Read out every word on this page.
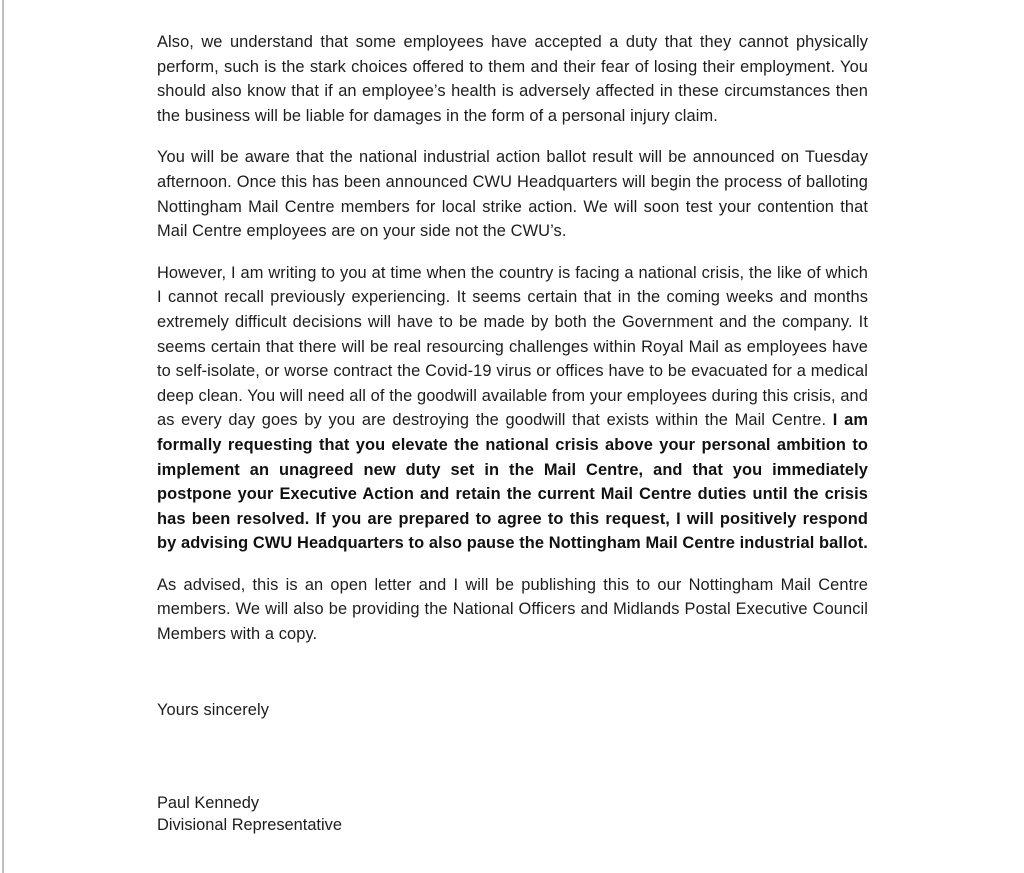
Also, we understand that some employees have accepted a duty that they cannot physically perform, such is the stark choices offered to them and their fear of losing their employment. You should also know that if an employee’s health is adversely affected in these circumstances then the business will be liable for damages in the form of a personal injury claim.

You will be aware that the national industrial action ballot result will be announced on Tuesday afternoon. Once this has been announced CWU Headquarters will begin the process of balloting Nottingham Mail Centre members for local strike action. We will soon test your contention that Mail Centre employees are on your side not the CWU’s.

However, I am writing to you at time when the country is facing a national crisis, the like of which I cannot recall previously experiencing. It seems certain that in the coming weeks and months extremely difficult decisions will have to be made by both the Government and the company. It seems certain that there will be real resourcing challenges within Royal Mail as employees have to self-isolate, or worse contract the Covid-19 virus or offices have to be evacuated for a medical deep clean. You will need all of the goodwill available from your employees during this crisis, and as every day goes by you are destroying the goodwill that exists within the Mail Centre. I am formally requesting that you elevate the national crisis above your personal ambition to implement an unagreed new duty set in the Mail Centre, and that you immediately postpone your Executive Action and retain the current Mail Centre duties until the crisis has been resolved. If you are prepared to agree to this request, I will positively respond by advising CWU Headquarters to also pause the Nottingham Mail Centre industrial ballot.

As advised, this is an open letter and I will be publishing this to our Nottingham Mail Centre members. We will also be providing the National Officers and Midlands Postal Executive Council Members with a copy.

Yours sincerely

Paul Kennedy
Divisional Representative
